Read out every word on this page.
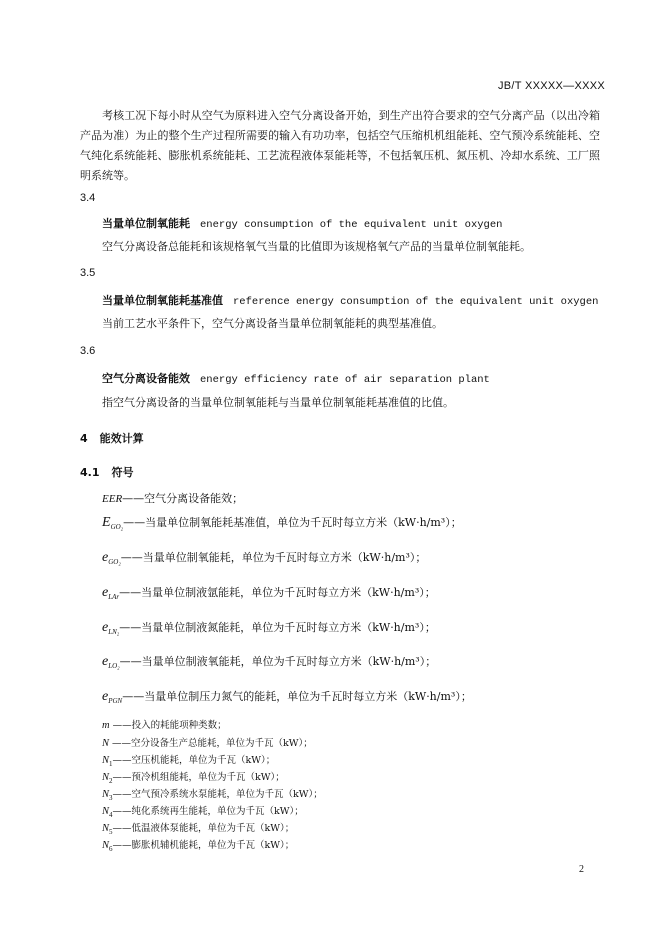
JB/T XXXXX—XXXX
考核工况下每小时从空气为原料进入空气分离设备开始，到生产出符合要求的空气分离产品（以出冷箱产品为准）为止的整个生产过程所需要的输入有功功率，包括空气压缩机机组能耗、空气预冷系统能耗、空气纯化系统能耗、膨胀机系统能耗、工艺流程液体泵能耗等，不包括氧压机、氮压机、冷却水系统、工厂照明系统等。
3.4
当量单位制氧能耗 energy consumption of the equivalent unit oxygen
空气分离设备总能耗和该规格氧气当量的比值即为该规格氧气产品的当量单位制氧能耗。
3.5
当量单位制氧能耗基准值 reference energy consumption of the equivalent unit oxygen
当前工艺水平条件下，空气分离设备当量单位制氧能耗的典型基准值。
3.6
空气分离设备能效 energy efficiency rate of air separation plant
指空气分离设备的当量单位制氧能耗与当量单位制氧能耗基准值的比值。
4 能效计算
4.1 符号
EER——空气分离设备能效；
$E_{GO_2}——$当量单位制氧能耗基准值，单位为千瓦时每立方米（kW·h/m³）；
$e_{GO_2}——$当量单位制氧能耗，单位为千瓦时每立方米（kW·h/m³）；
$e_{LAr}——$当量单位制液氩能耗，单位为千瓦时每立方米（kW·h/m³）；
$e_{LN_2}——$当量单位制液氮能耗，单位为千瓦时每立方米（kW·h/m³）；
$e_{LO_2}——$当量单位制液氧能耗，单位为千瓦时每立方米（kW·h/m³）；
$e_{PGN}——$当量单位制压力氮气的能耗，单位为千瓦时每立方米（kW·h/m³）；
m ——投入的耗能项种类数；
N ——空分设备生产总能耗，单位为千瓦（kW）；
$N_1——$空压机能耗，单位为千瓦（kW）；
$N_2——$预冷机组能耗，单位为千瓦（kW）；
$N_3——$空气预冷系统水泵能耗，单位为千瓦（kW）；
$N_4——$纯化系统再生能耗，单位为千瓦（kW）；
$N_5——$低温液体泵能耗，单位为千瓦（kW）；
$N_6——$膨胀机辅机能耗，单位为千瓦（kW）；
2
